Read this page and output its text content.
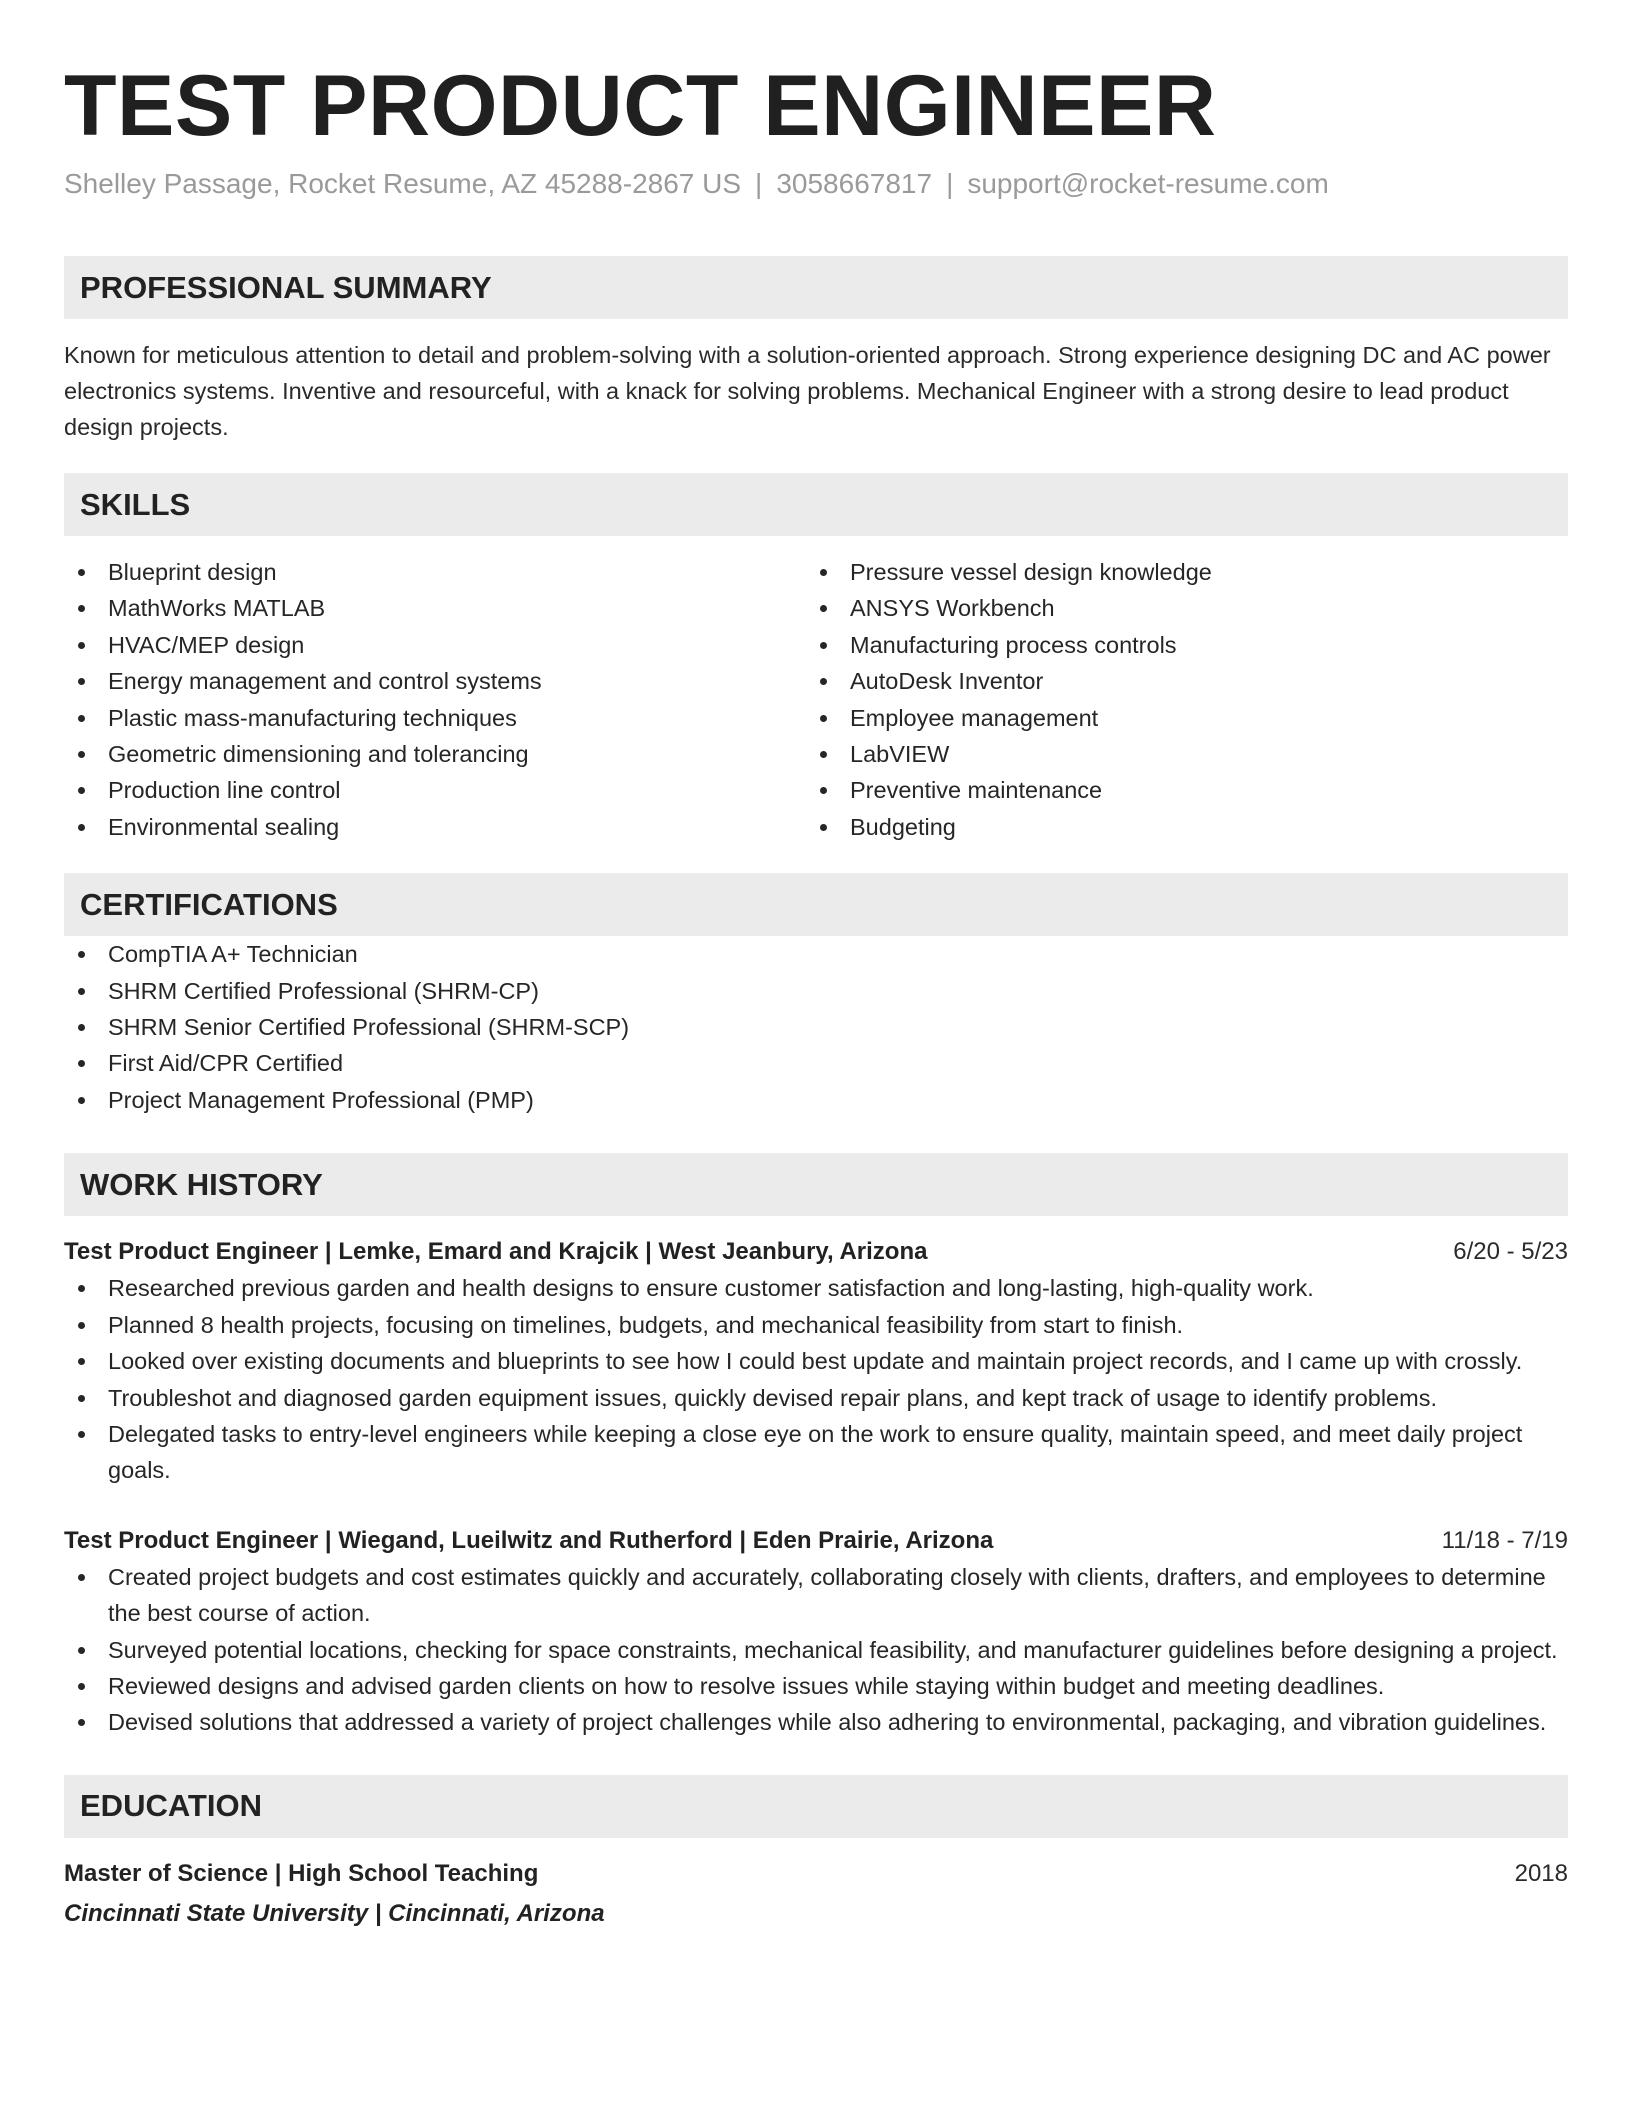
TEST PRODUCT ENGINEER
Shelley Passage, Rocket Resume, AZ 45288-2867 US | 3058667817 | support@rocket-resume.com
PROFESSIONAL SUMMARY

Known for meticulous attention to detail and problem-solving with a solution-oriented approach. Strong experience designing DC and AC power electronics systems. Inventive and resourceful, with a knack for solving problems. Mechanical Engineer with a strong desire to lead product design projects.

SKILLS
Blueprint design
MathWorks MATLAB
HVAC/MEP design
Energy management and control systems
Plastic mass-manufacturing techniques
Geometric dimensioning and tolerancing
Production line control
Environmental sealing
Pressure vessel design knowledge
ANSYS Workbench
Manufacturing process controls
AutoDesk Inventor
Employee management
LabVIEW
Preventive maintenance
Budgeting
CERTIFICATIONS
CompTIA A+ Technician
SHRM Certified Professional (SHRM-CP)
SHRM Senior Certified Professional (SHRM-SCP)
First Aid/CPR Certified
Project Management Professional (PMP)
WORK HISTORY
Test Product Engineer | Lemke, Emard and Krajcik | West Jeanbury, Arizona	6/20 - 5/23
Researched previous garden and health designs to ensure customer satisfaction and long-lasting, high-quality work.
Planned 8 health projects, focusing on timelines, budgets, and mechanical feasibility from start to finish.
Looked over existing documents and blueprints to see how I could best update and maintain project records, and I came up with crossly.
Troubleshot and diagnosed garden equipment issues, quickly devised repair plans, and kept track of usage to identify problems.
Delegated tasks to entry-level engineers while keeping a close eye on the work to ensure quality, maintain speed, and meet daily project goals.
Test Product Engineer | Wiegand, Lueilwitz and Rutherford | Eden Prairie, Arizona	11/18 - 7/19
Created project budgets and cost estimates quickly and accurately, collaborating closely with clients, drafters, and employees to determine the best course of action.
Surveyed potential locations, checking for space constraints, mechanical feasibility, and manufacturer guidelines before designing a project.
Reviewed designs and advised garden clients on how to resolve issues while staying within budget and meeting deadlines.
Devised solutions that addressed a variety of project challenges while also adhering to environmental, packaging, and vibration guidelines.
EDUCATION
Master of Science | High School Teaching	2018
Cincinnati State University | Cincinnati, Arizona
